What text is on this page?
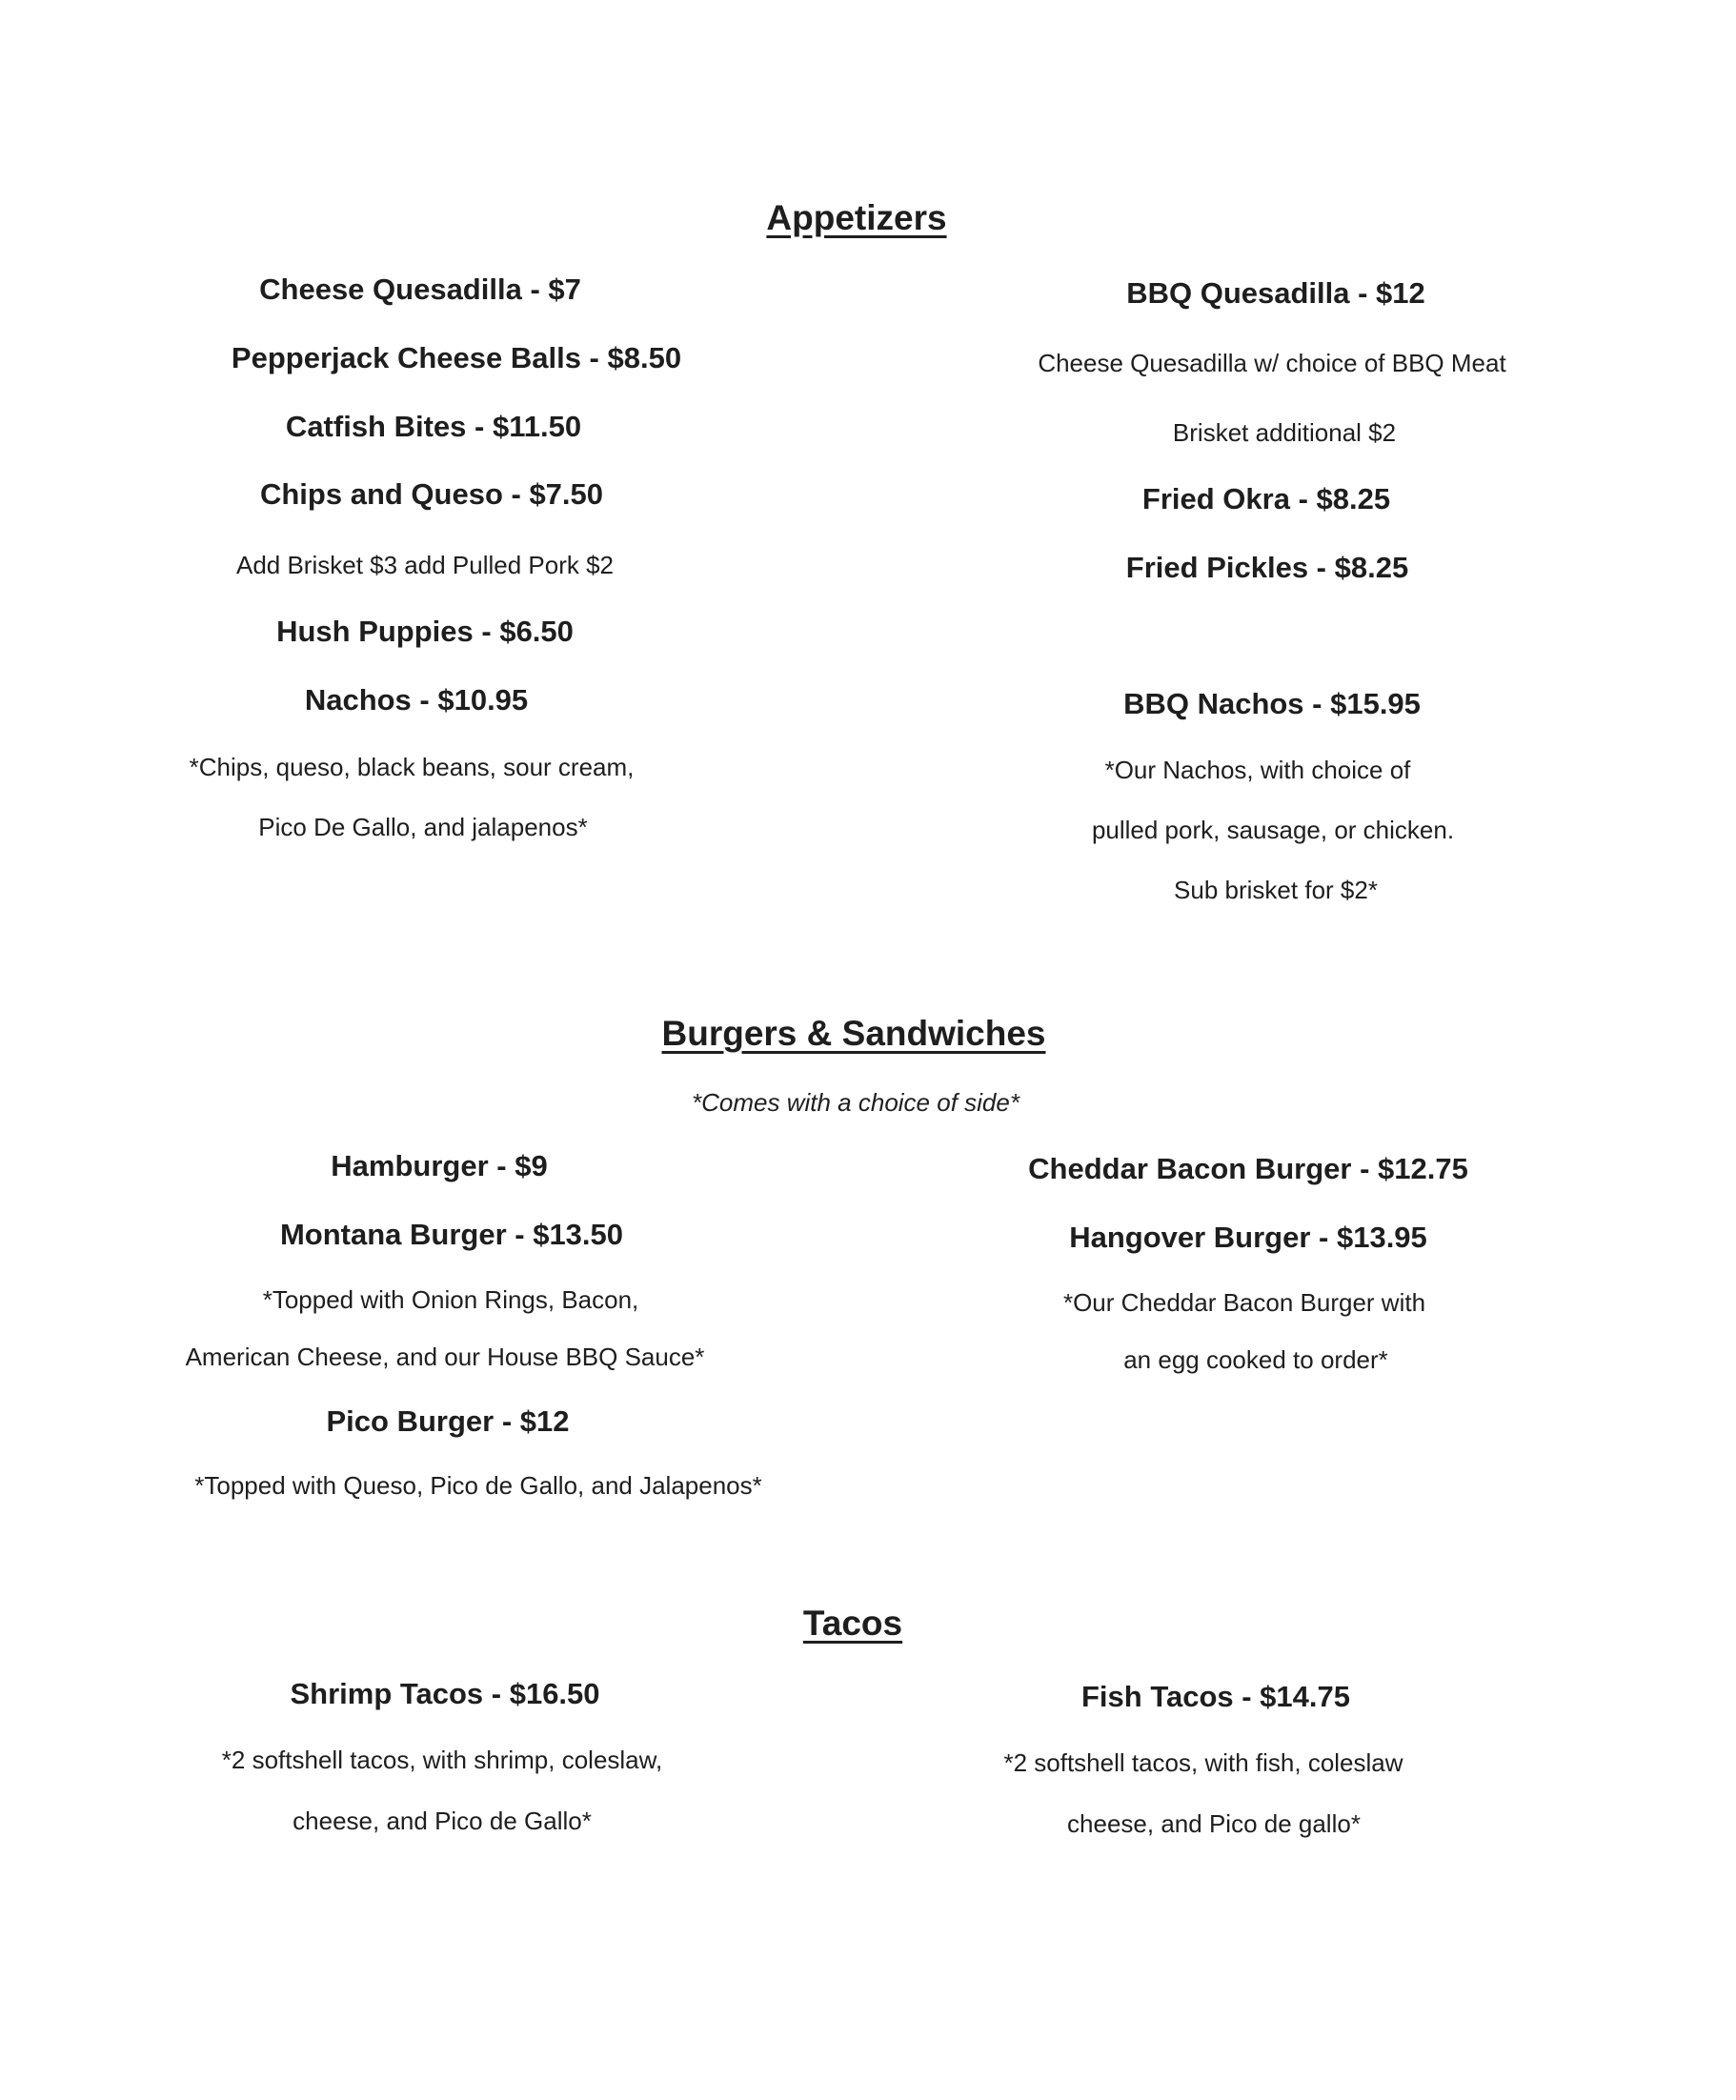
Appetizers
Cheese Quesadilla - $7
Pepperjack Cheese Balls - $8.50
Catfish Bites - $11.50
Chips and Queso - $7.50
Add Brisket $3 add Pulled Pork $2
Hush Puppies - $6.50
Nachos - $10.95
*Chips, queso, black beans, sour cream,
Pico De Gallo, and jalapenos*
BBQ Quesadilla - $12
Cheese Quesadilla w/ choice of BBQ Meat
Brisket additional $2
Fried Okra - $8.25
Fried Pickles - $8.25
BBQ Nachos - $15.95
*Our Nachos, with choice of
pulled pork, sausage, or chicken.
Sub brisket for $2*
Burgers & Sandwiches
*Comes with a choice of side*
Hamburger - $9
Montana Burger - $13.50
*Topped with Onion Rings, Bacon,
American Cheese, and our House BBQ Sauce*
Pico Burger - $12
*Topped with Queso, Pico de Gallo, and Jalapenos*
Cheddar Bacon Burger - $12.75
Hangover Burger - $13.95
*Our Cheddar Bacon Burger with
an egg cooked to order*
Tacos
Shrimp Tacos - $16.50
*2 softshell tacos, with shrimp, coleslaw,
cheese, and Pico de Gallo*
Fish Tacos - $14.75
*2 softshell tacos, with fish, coleslaw
cheese, and Pico de gallo*
